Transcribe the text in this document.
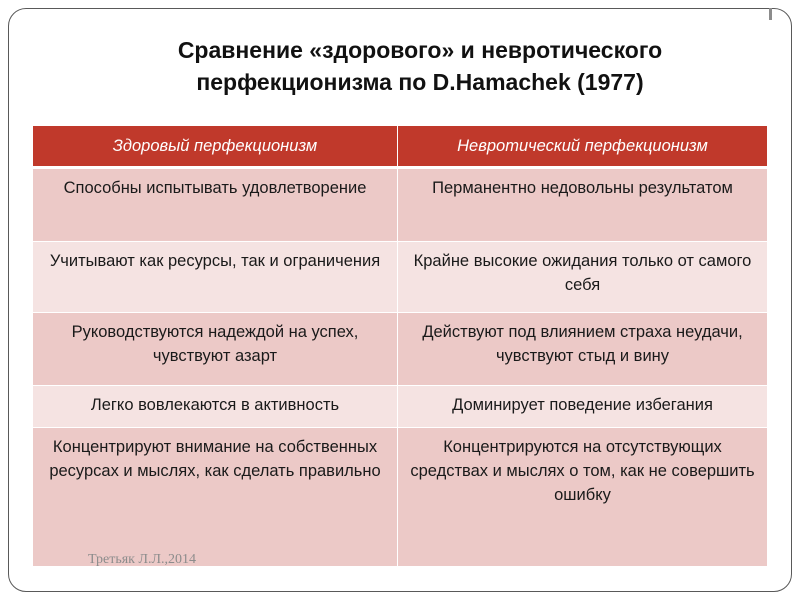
Сравнение «здорового» и невротического
перфекционизма по D.Hamachek (1977)
Здоровый перфекционизм	Невротический перфекционизм
Способны испытывать удовлетворение	Перманентно недовольны результатом
Учитывают как ресурсы, так и ограничения	Крайне высокие ожидания только от самого себя
Руководствуются надеждой на успех, чувствуют азарт	Действуют под влиянием страха неудачи, чувствуют стыд и вину
Легко вовлекаются в активность	Доминирует поведение избегания
Концентрируют внимание на собственных ресурсах и мыслях, как сделать правильно	Концентрируются на отсутствующих средствах и мыслях о том, как не совершить ошибку
Третьяк Л.Л.,2014
